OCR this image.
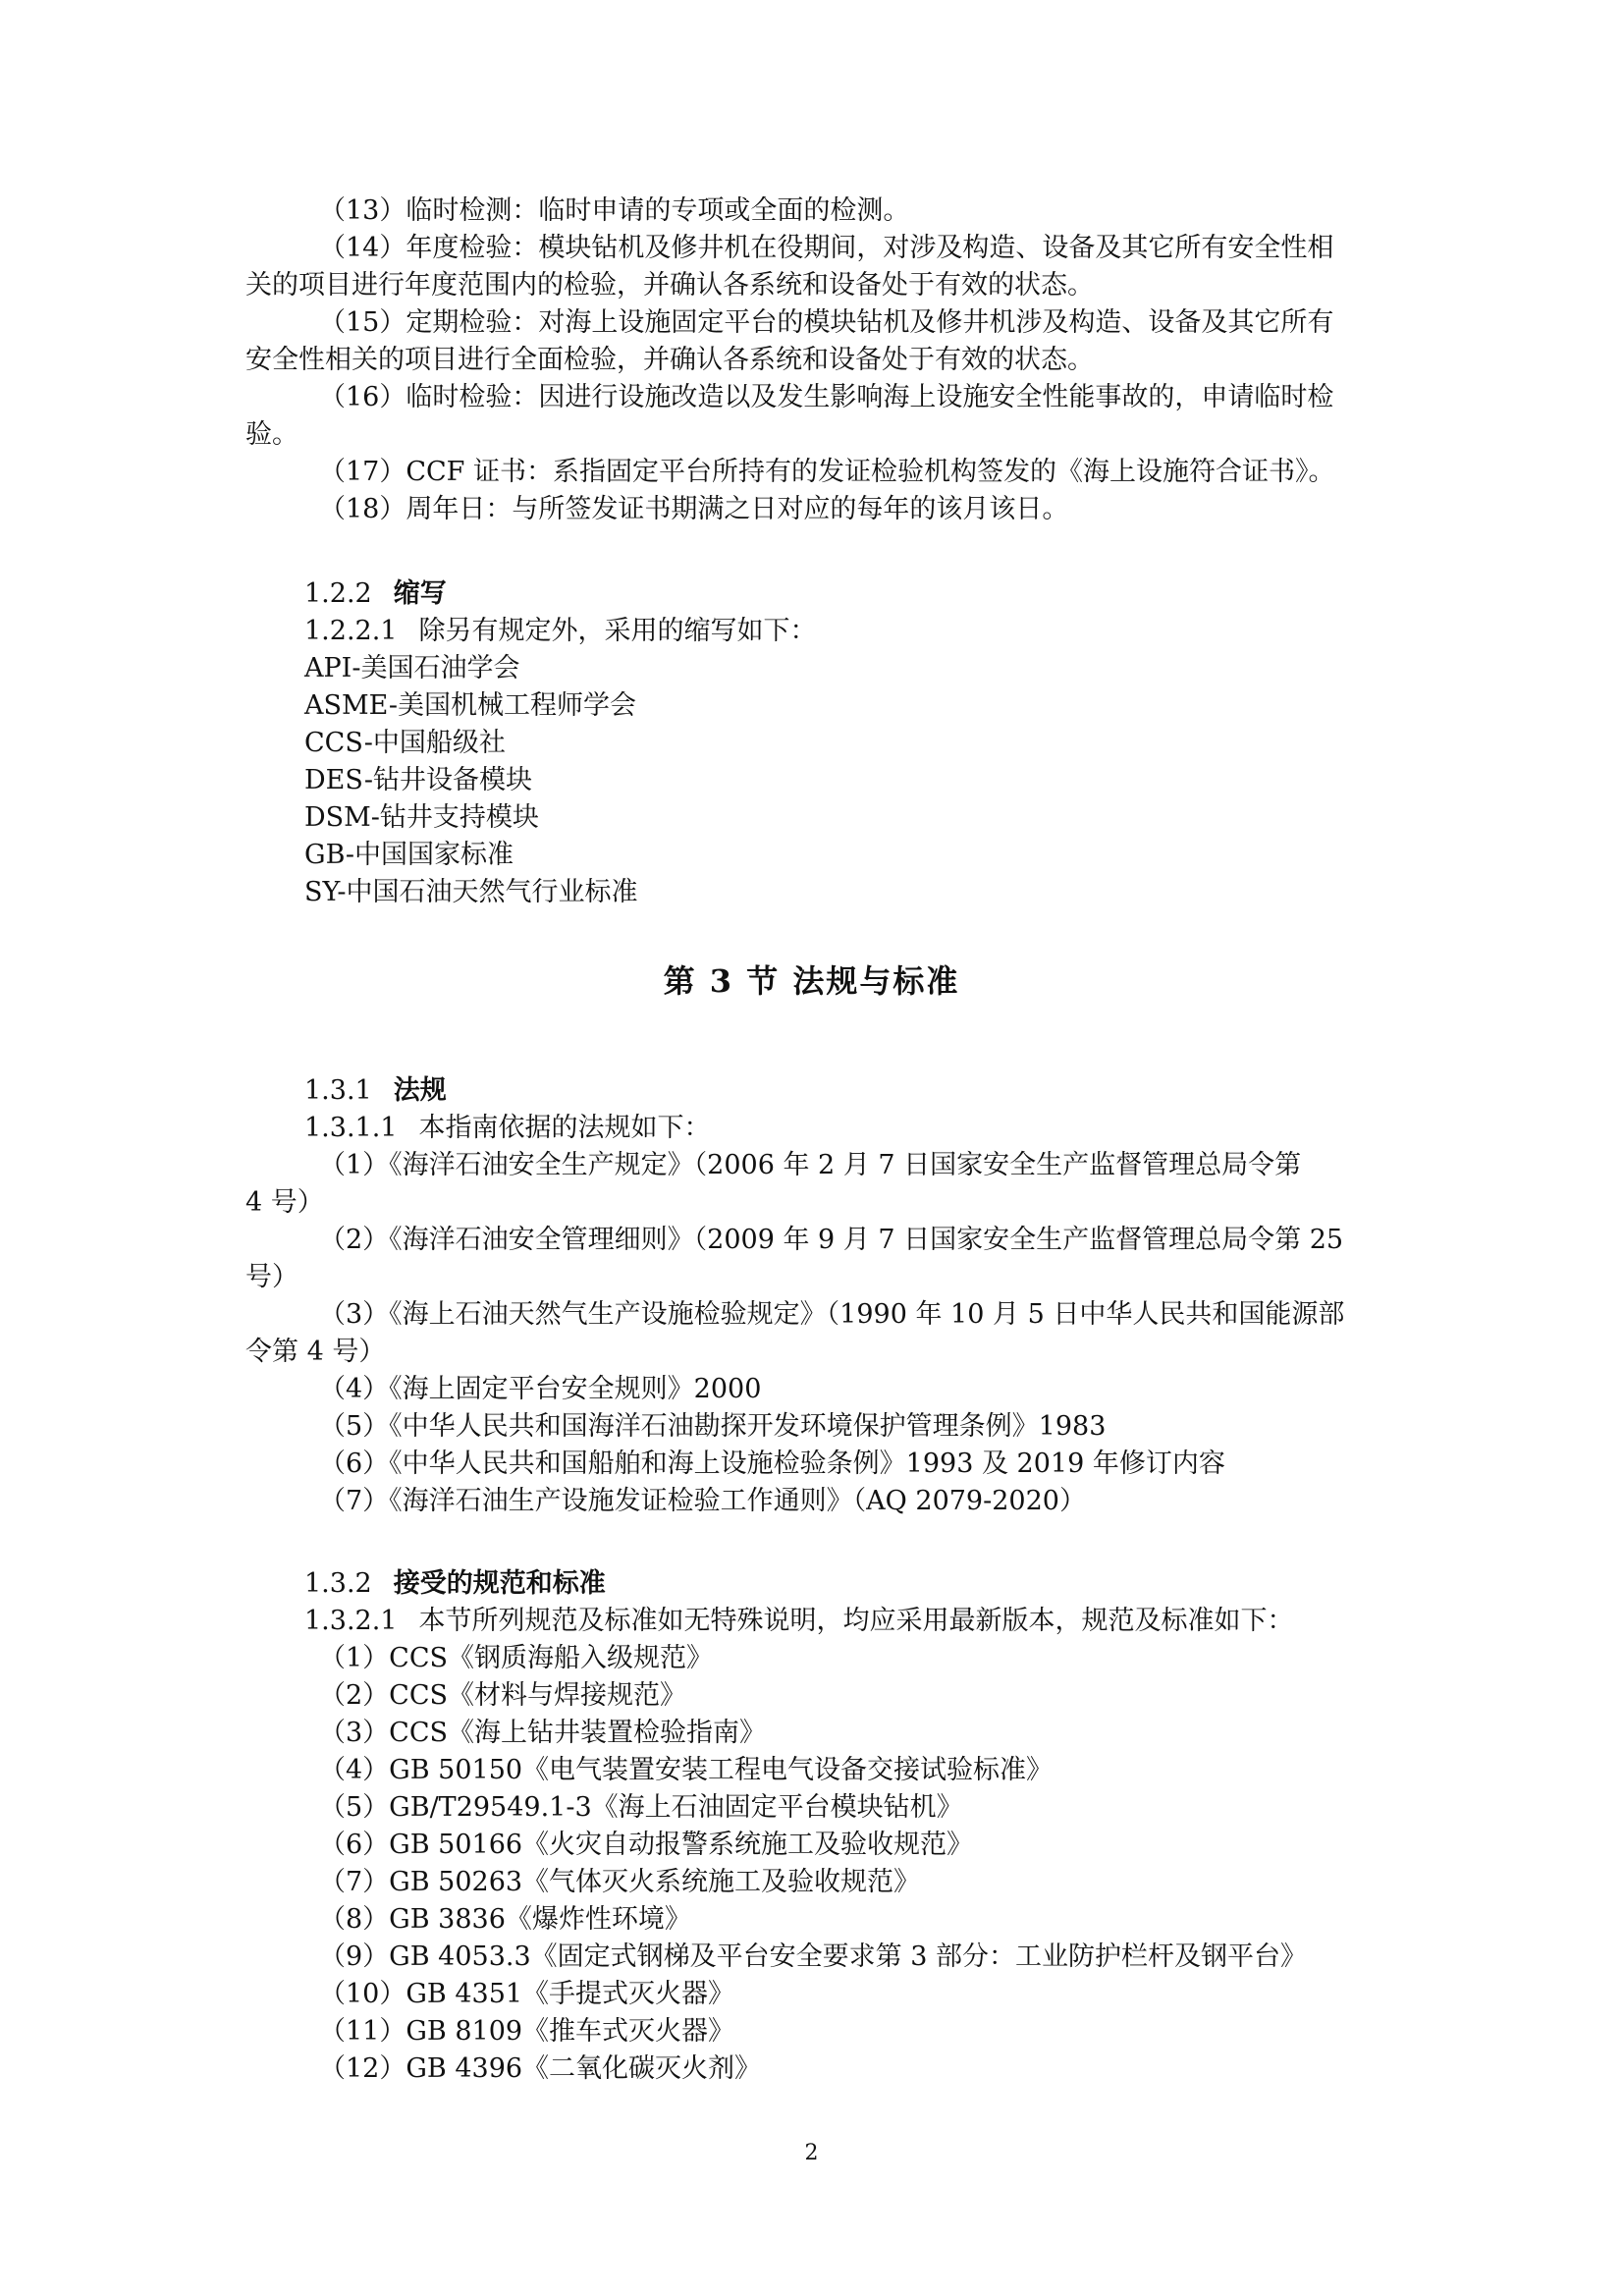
（13）临时检测：临时申请的专项或全面的检测。
（14）年度检验：模块钻机及修井机在役期间，对涉及构造、设备及其它所有安全性相
关的项目进行年度范围内的检验，并确认各系统和设备处于有效的状态。
（15）定期检验：对海上设施固定平台的模块钻机及修井机涉及构造、设备及其它所有
安全性相关的项目进行全面检验，并确认各系统和设备处于有效的状态。
（16）临时检验：因进行设施改造以及发生影响海上设施安全性能事故的，申请临时检
验。
（17）CCF 证书：系指固定平台所持有的发证检验机构签发的《海上设施符合证书》。
（18）周年日：与所签发证书期满之日对应的每年的该月该日。
1.2.2 缩写
1.2.2.1 除另有规定外，采用的缩写如下：
API-美国石油学会
ASME-美国机械工程师学会
CCS-中国船级社
DES-钻井设备模块
DSM-钻井支持模块
GB-中国国家标准
SY-中国石油天然气行业标准
第 3 节 法规与标准
1.3.1 法规
1.3.1.1 本指南依据的法规如下：
（1）《海洋石油安全生产规定》（2006 年 2 月 7 日国家安全生产监督管理总局令第
4 号）
（2）《海洋石油安全管理细则》（2009 年 9 月 7 日国家安全生产监督管理总局令第 25
号）
（3）《海上石油天然气生产设施检验规定》（1990 年 10 月 5 日中华人民共和国能源部
令第 4 号）
（4）《海上固定平台安全规则》2000
（5）《中华人民共和国海洋石油勘探开发环境保护管理条例》1983
（6）《中华人民共和国船舶和海上设施检验条例》1993 及 2019 年修订内容
（7）《海洋石油生产设施发证检验工作通则》（AQ 2079-2020）
1.3.2 接受的规范和标准
1.3.2.1 本节所列规范及标准如无特殊说明，均应采用最新版本，规范及标准如下：
（1）CCS《钢质海船入级规范》
（2）CCS《材料与焊接规范》
（3）CCS《海上钻井装置检验指南》
（4）GB 50150《电气装置安装工程电气设备交接试验标准》
（5）GB/T29549.1-3《海上石油固定平台模块钻机》
（6）GB 50166《火灾自动报警系统施工及验收规范》
（7）GB 50263《气体灭火系统施工及验收规范》
（8）GB 3836《爆炸性环境》
（9）GB 4053.3《固定式钢梯及平台安全要求第 3 部分：工业防护栏杆及钢平台》
（10）GB 4351《手提式灭火器》
（11）GB 8109《推车式灭火器》
（12）GB 4396《二氧化碳灭火剂》
2
